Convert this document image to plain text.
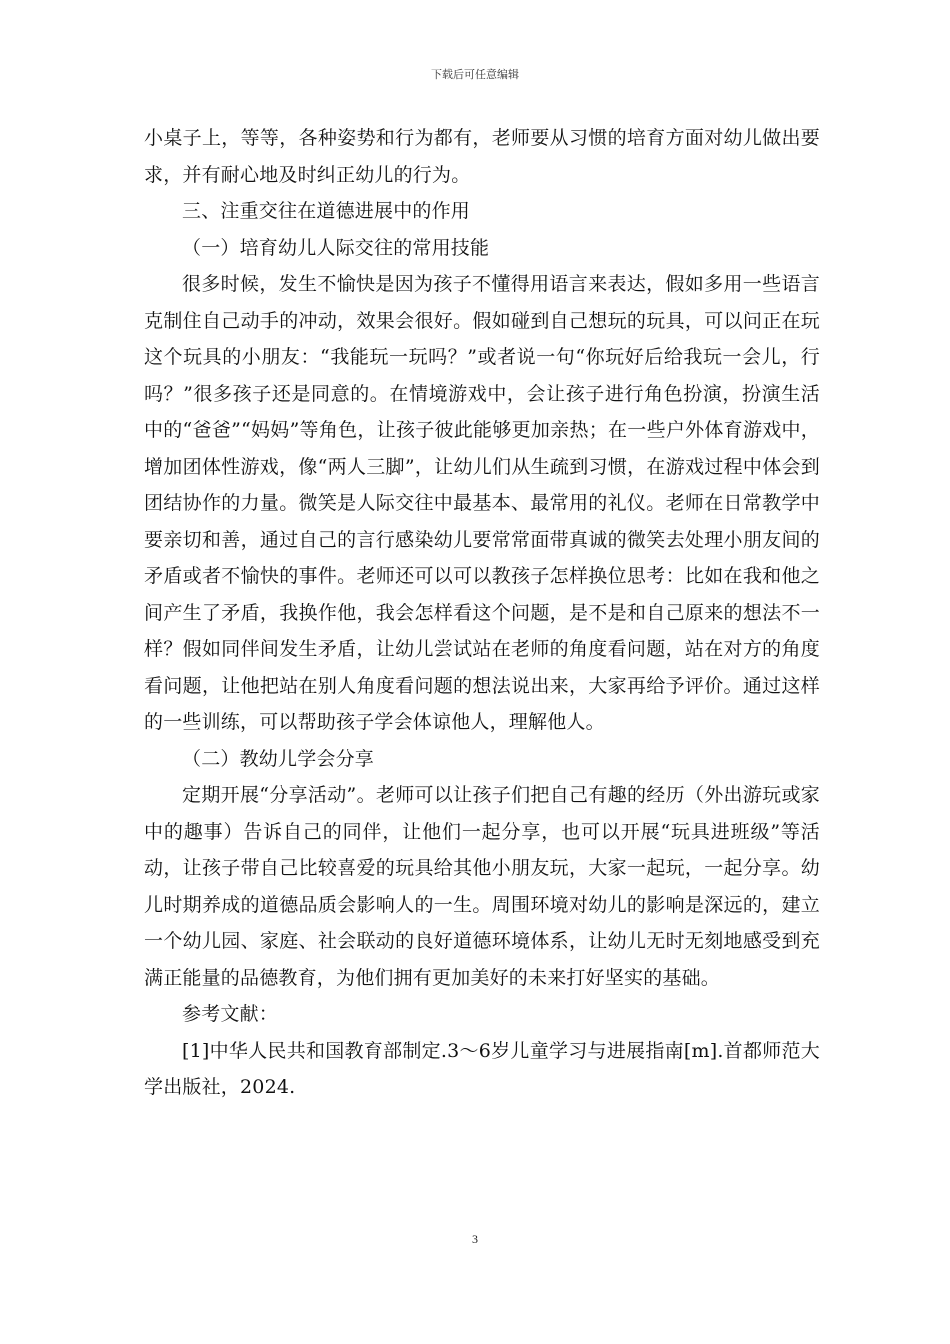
下载后可任意编辑

小桌子上，等等，各种姿势和行为都有，老师要从习惯的培育方面对幼儿做出要求，并有耐心地及时纠正幼儿的行为。

三、注重交往在道德进展中的作用

（一）培育幼儿人际交往的常用技能

很多时候，发生不愉快是因为孩子不懂得用语言来表达，假如多用一些语言克制住自己动手的冲动，效果会很好。假如碰到自己想玩的玩具，可以问正在玩这个玩具的小朋友：“我能玩一玩吗？”或者说一句“你玩好后给我玩一会儿，行吗？”很多孩子还是同意的。在情境游戏中，会让孩子进行角色扮演，扮演生活中的“爸爸”“妈妈”等角色，让孩子彼此能够更加亲热；在一些户外体育游戏中，增加团体性游戏，像“两人三脚”，让幼儿们从生疏到习惯，在游戏过程中体会到团结协作的力量。微笑是人际交往中最基本、最常用的礼仪。老师在日常教学中要亲切和善，通过自己的言行感染幼儿要常常面带真诚的微笑去处理小朋友间的矛盾或者不愉快的事件。老师还可以可以教孩子怎样换位思考：比如在我和他之间产生了矛盾，我换作他，我会怎样看这个问题，是不是和自己原来的想法不一样？假如同伴间发生矛盾，让幼儿尝试站在老师的角度看问题，站在对方的角度看问题，让他把站在别人角度看问题的想法说出来，大家再给予评价。通过这样的一些训练，可以帮助孩子学会体谅他人，理解他人。

（二）教幼儿学会分享

定期开展“分享活动”。老师可以让孩子们把自己有趣的经历（外出游玩或家中的趣事）告诉自己的同伴，让他们一起分享，也可以开展“玩具进班级”等活动，让孩子带自己比较喜爱的玩具给其他小朋友玩，大家一起玩，一起分享。幼儿时期养成的道德品质会影响人的一生。周围环境对幼儿的影响是深远的，建立一个幼儿园、家庭、社会联动的良好道德环境体系，让幼儿无时无刻地感受到充满正能量的品德教育，为他们拥有更加美好的未来打好坚实的基础。

参考文献：

[1]中华人民共和国教育部制定.3～6岁儿童学习与进展指南[m].首都师范大学出版社，2024.

3
